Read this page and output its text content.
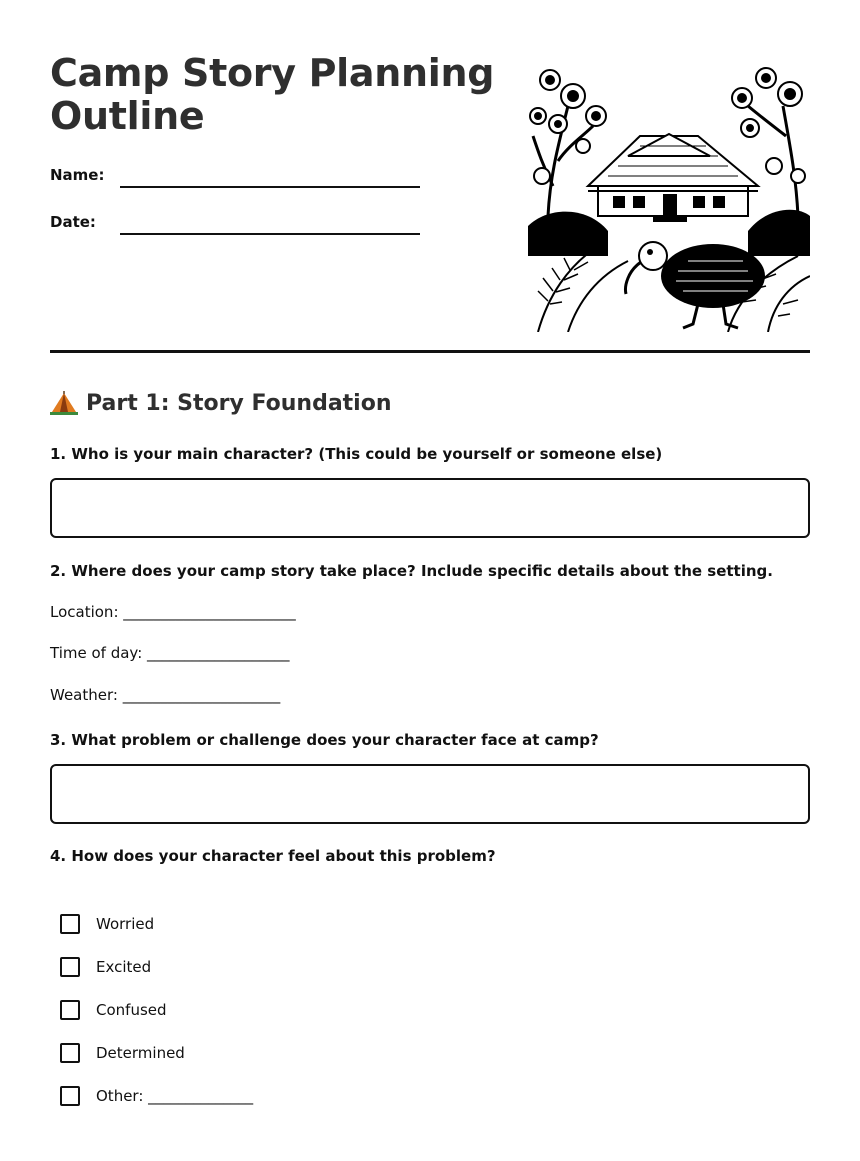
Camp Story Planning
Outline
Name:
Date:
Part 1: Story Foundation

1. Who is your main character? (This could be yourself or someone else)

2. Where does your camp story take place? Include specific details about the setting.

Location: _______________________
Time of day: ___________________
Weather: _____________________

3. What problem or challenge does your character face at camp?

4. How does your character feel about this problem?

Worried
Excited
Confused
Determined
Other: ______________
